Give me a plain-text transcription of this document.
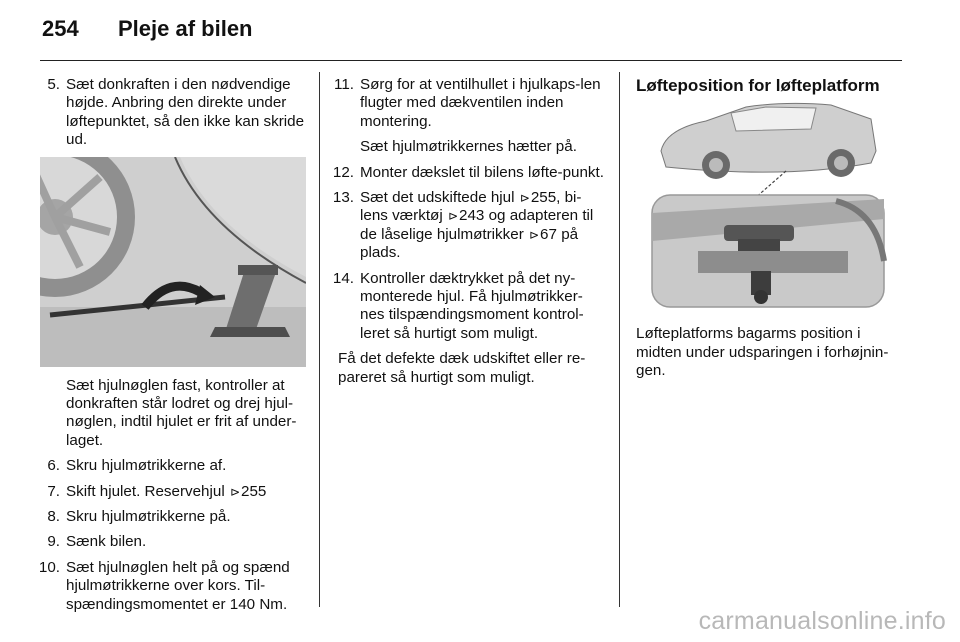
254 Pleje af bilen
5. Sæt donkraften i den nødvendige højde. Anbring den direkte under løftepunktet, så den ikke kan skride ud.
Sæt hjulnøglen fast, kontroller at donkraften står lodret og drej hjul-nøglen, indtil hjulet er frit af under-laget.
6. Skru hjulmøtrikkerne af.
7. Skift hjulet. Reservehjul ⊳255
8. Skru hjulmøtrikkerne på.
9. Sænk bilen.
10. Sæt hjulnøglen helt på og spænd hjulmøtrikkerne over kors. Til-spændingsmomentet er 140 Nm.
11. Sørg for at ventilhullet i hjulkaps-len flugter med dækventilen inden montering.
Sæt hjulmøtrikkernes hætter på.
12. Monter dækslet til bilens løfte-punkt.
13. Sæt det udskiftede hjul ⊳255, bi-lens værktøj ⊳243 og adapteren til de låselige hjulmøtrikker ⊳67 på plads.
14. Kontroller dæktrykket på det ny-monterede hjul. Få hjulmøtrikker-nes tilspændingsmoment kontrol-leret så hurtigt som muligt.
Få det defekte dæk udskiftet eller re-pareret så hurtigt som muligt.
Løfteposition for løfteplatform
Løfteplatforms bagarms position i midten under udsparingen i forhøjnin-gen.
carmanualsonline.info
